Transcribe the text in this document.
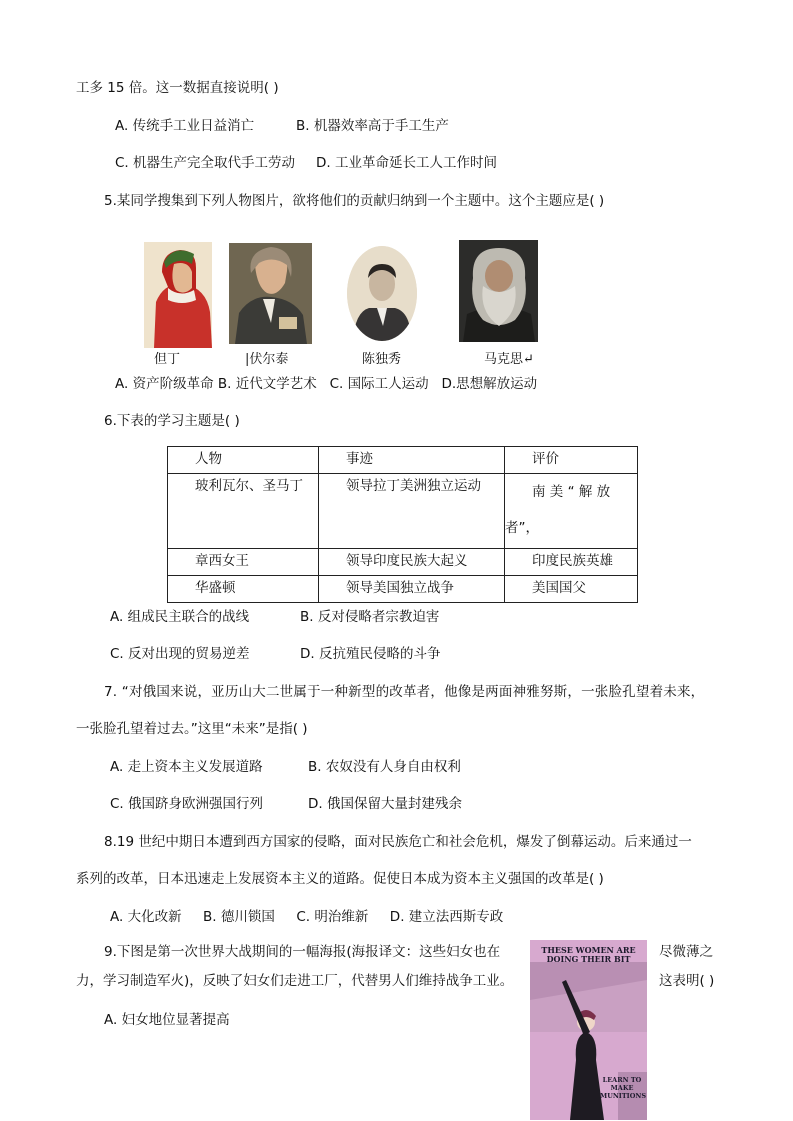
工多 15 倍。这一数据直接说明( )
A. 传统手工业日益消亡	B. 机器效率高于手工生产
C. 机器生产完全取代手工劳动 D. 工业革命延长工人工作时间
5.某同学搜集到下列人物图片，欲将他们的贡献归纳到一个主题中。这个主题应是( )
但丁	|伏尔泰	陈独秀	马克思↵
A. 资产阶级革命 B. 近代文学艺术   C. 国际工人运动   D.思想解放运动
6.下表的学习主题是( )
人物	事迹	评价
玻利瓦尔、圣马丁	领导拉丁美洲独立运动	南 美 “ 解 放
者”，

章西女王	领导印度民族大起义	印度民族英雄
华盛顿	领导美国独立战争	美国国父
A. 组成民主联合的战线	B. 反对侵略者宗教迫害
C. 反对出现的贸易逆差	D. 反抗殖民侵略的斗争
7. “对俄国来说，亚历山大二世属于一种新型的改革者，他像是两面神雅努斯，一张脸孔望着未来，
一张脸孔望着过去。”这里“未来”是指( )
A. 走上资本主义发展道路	B. 农奴没有人身自由权利
C. 俄国跻身欧洲强国行列	D. 俄国保留大量封建残余
8.19 世纪中期日本遭到西方国家的侵略，面对民族危亡和社会危机，爆发了倒幕运动。后来通过一
系列的改革，日本迅速走上发展资本主义的道路。促使日本成为资本主义强国的改革是( )
A. 大化改新     B. 德川锁国     C. 明治维新     D. 建立法西斯专政
9.下图是第一次世界大战期间的一幅海报(海报译文：这些妇女也在	尽微薄之
力，学习制造军火)，反映了妇女们走进工厂，代替男人们维持战争工业。	这表明( )
A. 妇女地位显著提高
THESE WOMEN ARE DOING THEIR BIT
LEARN TO MAKE MUNITIONS
